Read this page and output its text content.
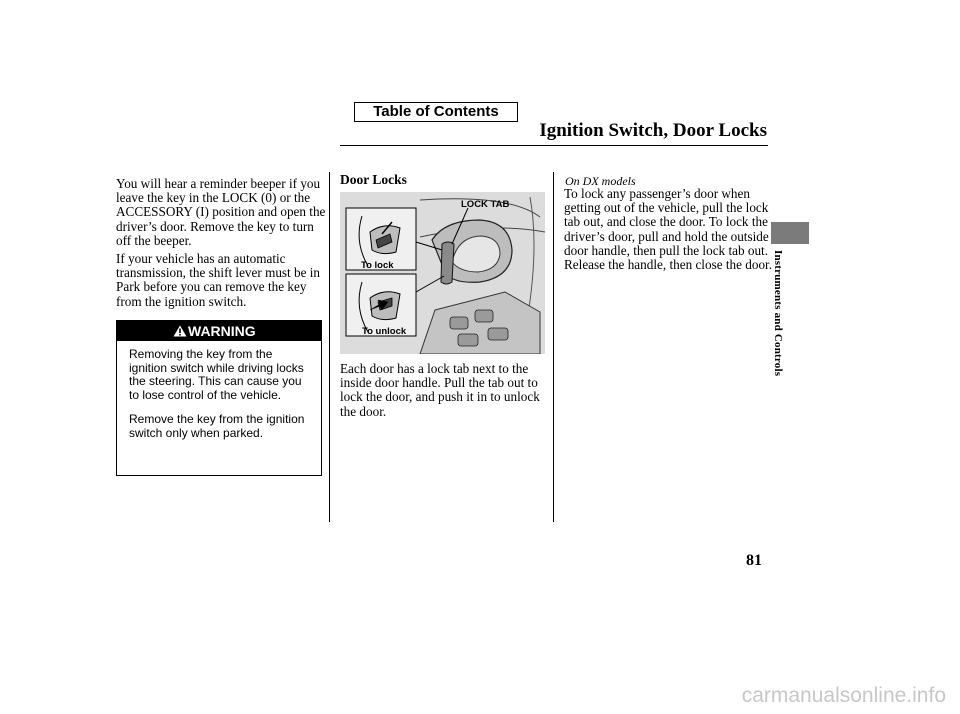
Table of Contents
Ignition Switch, Door Locks

You will hear a reminder beeper if you leave the key in the LOCK (0) or the ACCESSORY (I) position and open the driver’s door. Remove the key to turn off the beeper.

If your vehicle has an automatic transmission, the shift lever must be in Park before you can remove the key from the ignition switch.

WARNING

Removing the key from the ignition switch while driving locks the steering. This can cause you to lose control of the vehicle.

Remove the key from the ignition switch only when parked.

Door Locks
LOCK TAB
To lock
To unlock

Each door has a lock tab next to the inside door handle. Pull the tab out to lock the door, and push it in to unlock the door.

On DX models

To lock any passenger’s door when getting out of the vehicle, pull the lock tab out, and close the door. To lock the driver’s door, pull and hold the outside door handle, then pull the lock tab out. Release the handle, then close the door. Instruments and Controls
81
carmanualsonline.info
